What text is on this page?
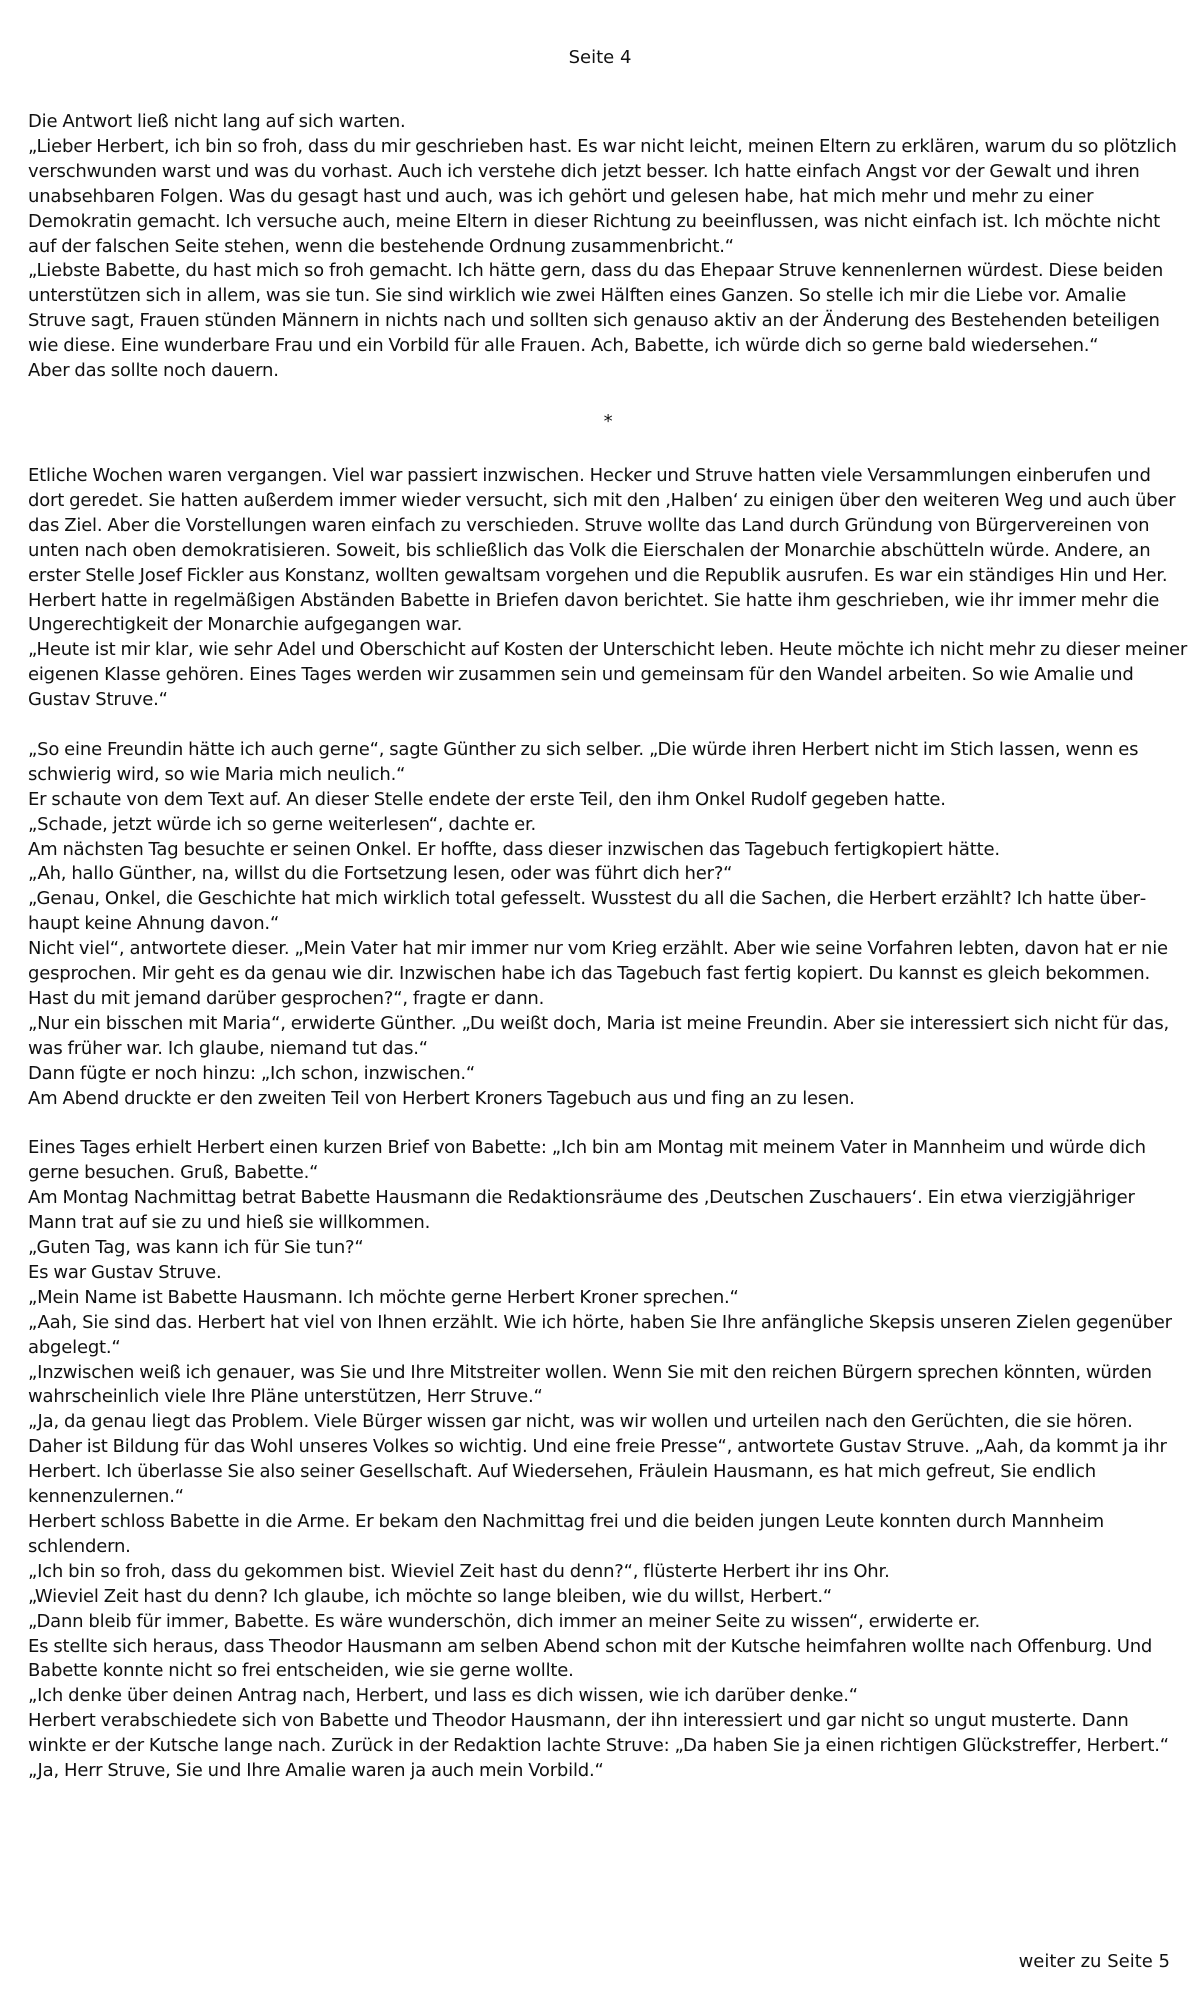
Seite 4

Die Antwort ließ nicht lang auf sich warten.

„Lieber Herbert, ich bin so froh, dass du mir geschrieben hast. Es war nicht leicht, meinen Eltern zu erklären, warum du so plötzlich verschwunden warst und was du vorhast. Auch ich verstehe dich jetzt besser. Ich hatte einfach Angst vor der Gewalt und ihren unabsehbaren Folgen. Was du gesagt hast und auch, was ich gehört und gelesen habe, hat mich mehr und mehr zu einer Demokratin gemacht. Ich versuche auch, meine Eltern in dieser Richtung zu beeinflussen, was nicht einfach ist. Ich möchte nicht auf der falschen Seite stehen, wenn die bestehende Ordnung zusammenbricht.“

„Liebste Babette, du hast mich so froh gemacht. Ich hätte gern, dass du das Ehepaar Struve kennenlernen würdest. Diese beiden unterstützen sich in allem, was sie tun. Sie sind wirklich wie zwei Hälften eines Ganzen. So stelle ich mir die Liebe vor. Amalie Struve sagt, Frauen stünden Männern in nichts nach und sollten sich genauso aktiv an der Änderung des Bestehenden beteiligen wie diese. Eine wunderbare Frau und ein Vorbild für alle Frauen. Ach, Babette, ich würde dich so gerne bald wiedersehen.“

Aber das sollte noch dauern.

*

Etliche Wochen waren vergangen. Viel war passiert inzwischen. Hecker und Struve hatten viele Versammlungen einberufen und dort geredet. Sie hatten außerdem immer wieder versucht, sich mit den ‚Halben‘ zu einigen über den weiteren Weg und auch über das Ziel. Aber die Vorstellungen waren einfach zu verschieden. Struve wollte das Land durch Gründung von Bürgervereinen von unten nach oben demokratisieren. Soweit, bis schließlich das Volk die Eierschalen der Monarchie abschütteln würde. Andere, an erster Stelle Josef Fickler aus Konstanz, wollten gewaltsam vorgehen und die Republik ausrufen. Es war ein ständiges Hin und Her.

Herbert hatte in regelmäßigen Abständen Babette in Briefen davon berichtet. Sie hatte ihm geschrieben, wie ihr immer mehr die Ungerechtigkeit der Monarchie aufgegangen war.

„Heute ist mir klar, wie sehr Adel und Oberschicht auf Kosten der Unterschicht leben. Heute möchte ich nicht mehr zu dieser meiner eigenen Klasse gehören. Eines Tages werden wir zusammen sein und gemeinsam für den Wandel arbeiten. So wie Amalie und Gustav Struve.“

„So eine Freundin hätte ich auch gerne“, sagte Günther zu sich selber. „Die würde ihren Herbert nicht im Stich lassen, wenn es schwierig wird, so wie Maria mich neulich.“

Er schaute von dem Text auf. An dieser Stelle endete der erste Teil, den ihm Onkel Rudolf gegeben hatte.

„Schade, jetzt würde ich so gerne weiterlesen“, dachte er.

Am nächsten Tag besuchte er seinen Onkel. Er hoffte, dass dieser inzwischen das Tagebuch fertigkopiert hätte.

„Ah, hallo Günther, na, willst du die Fortsetzung lesen, oder was führt dich her?“

„Genau, Onkel, die Geschichte hat mich wirklich total gefesselt. Wusstest du all die Sachen, die Herbert erzählt? Ich hatte überhaupt keine Ahnung davon.“

Nicht viel“, antwortete dieser. „Mein Vater hat mir immer nur vom Krieg erzählt. Aber wie seine Vorfahren lebten, davon hat er nie gesprochen. Mir geht es da genau wie dir. Inzwischen habe ich das Tagebuch fast fertig kopiert. Du kannst es gleich bekommen. Hast du mit jemand darüber gesprochen?“, fragte er dann.

„Nur ein bisschen mit Maria“, erwiderte Günther. „Du weißt doch, Maria ist meine Freundin. Aber sie interessiert sich nicht für das, was früher war. Ich glaube, niemand tut das.“

Dann fügte er noch hinzu: „Ich schon, inzwischen.“

Am Abend druckte er den zweiten Teil von Herbert Kroners Tagebuch aus und fing an zu lesen.

Eines Tages erhielt Herbert einen kurzen Brief von Babette: „Ich bin am Montag mit meinem Vater in Mannheim und würde dich gerne besuchen. Gruß, Babette.“

Am Montag Nachmittag betrat Babette Hausmann die Redaktionsräume des ‚Deutschen Zuschauers‘. Ein etwa vierzigjähriger Mann trat auf sie zu und hieß sie willkommen.

„Guten Tag, was kann ich für Sie tun?“

Es war Gustav Struve.

„Mein Name ist Babette Hausmann. Ich möchte gerne Herbert Kroner sprechen.“

„Aah, Sie sind das. Herbert hat viel von Ihnen erzählt. Wie ich hörte, haben Sie Ihre anfängliche Skepsis unseren Zielen gegenüber abgelegt.“

„Inzwischen weiß ich genauer, was Sie und Ihre Mitstreiter wollen. Wenn Sie mit den reichen Bürgern sprechen könnten, würden wahrscheinlich viele Ihre Pläne unterstützen, Herr Struve.“

„Ja, da genau liegt das Problem. Viele Bürger wissen gar nicht, was wir wollen und urteilen nach den Gerüchten, die sie hören. Daher ist Bildung für das Wohl unseres Volkes so wichtig. Und eine freie Presse“, antwortete Gustav Struve. „Aah, da kommt ja ihr Herbert. Ich überlasse Sie also seiner Gesellschaft. Auf Wiedersehen, Fräulein Hausmann, es hat mich gefreut, Sie endlich kennenzulernen.“

Herbert schloss Babette in die Arme. Er bekam den Nachmittag frei und die beiden jungen Leute konnten durch Mannheim schlendern.

„Ich bin so froh, dass du gekommen bist. Wieviel Zeit hast du denn?“, flüsterte Herbert ihr ins Ohr.

„Wieviel Zeit hast du denn? Ich glaube, ich möchte so lange bleiben, wie du willst, Herbert.“

„Dann bleib für immer, Babette. Es wäre wunderschön, dich immer an meiner Seite zu wissen“, erwiderte er.

Es stellte sich heraus, dass Theodor Hausmann am selben Abend schon mit der Kutsche heimfahren wollte nach Offenburg. Und Babette konnte nicht so frei entscheiden, wie sie gerne wollte.

„Ich denke über deinen Antrag nach, Herbert, und lass es dich wissen, wie ich darüber denke.“

Herbert verabschiedete sich von Babette und Theodor Hausmann, der ihn interessiert und gar nicht so ungut musterte. Dann winkte er der Kutsche lange nach. Zurück in der Redaktion lachte Struve: „Da haben Sie ja einen richtigen Glückstreffer, Herbert.“

„Ja, Herr Struve, Sie und Ihre Amalie waren ja auch mein Vorbild.“

weiter zu Seite 5
